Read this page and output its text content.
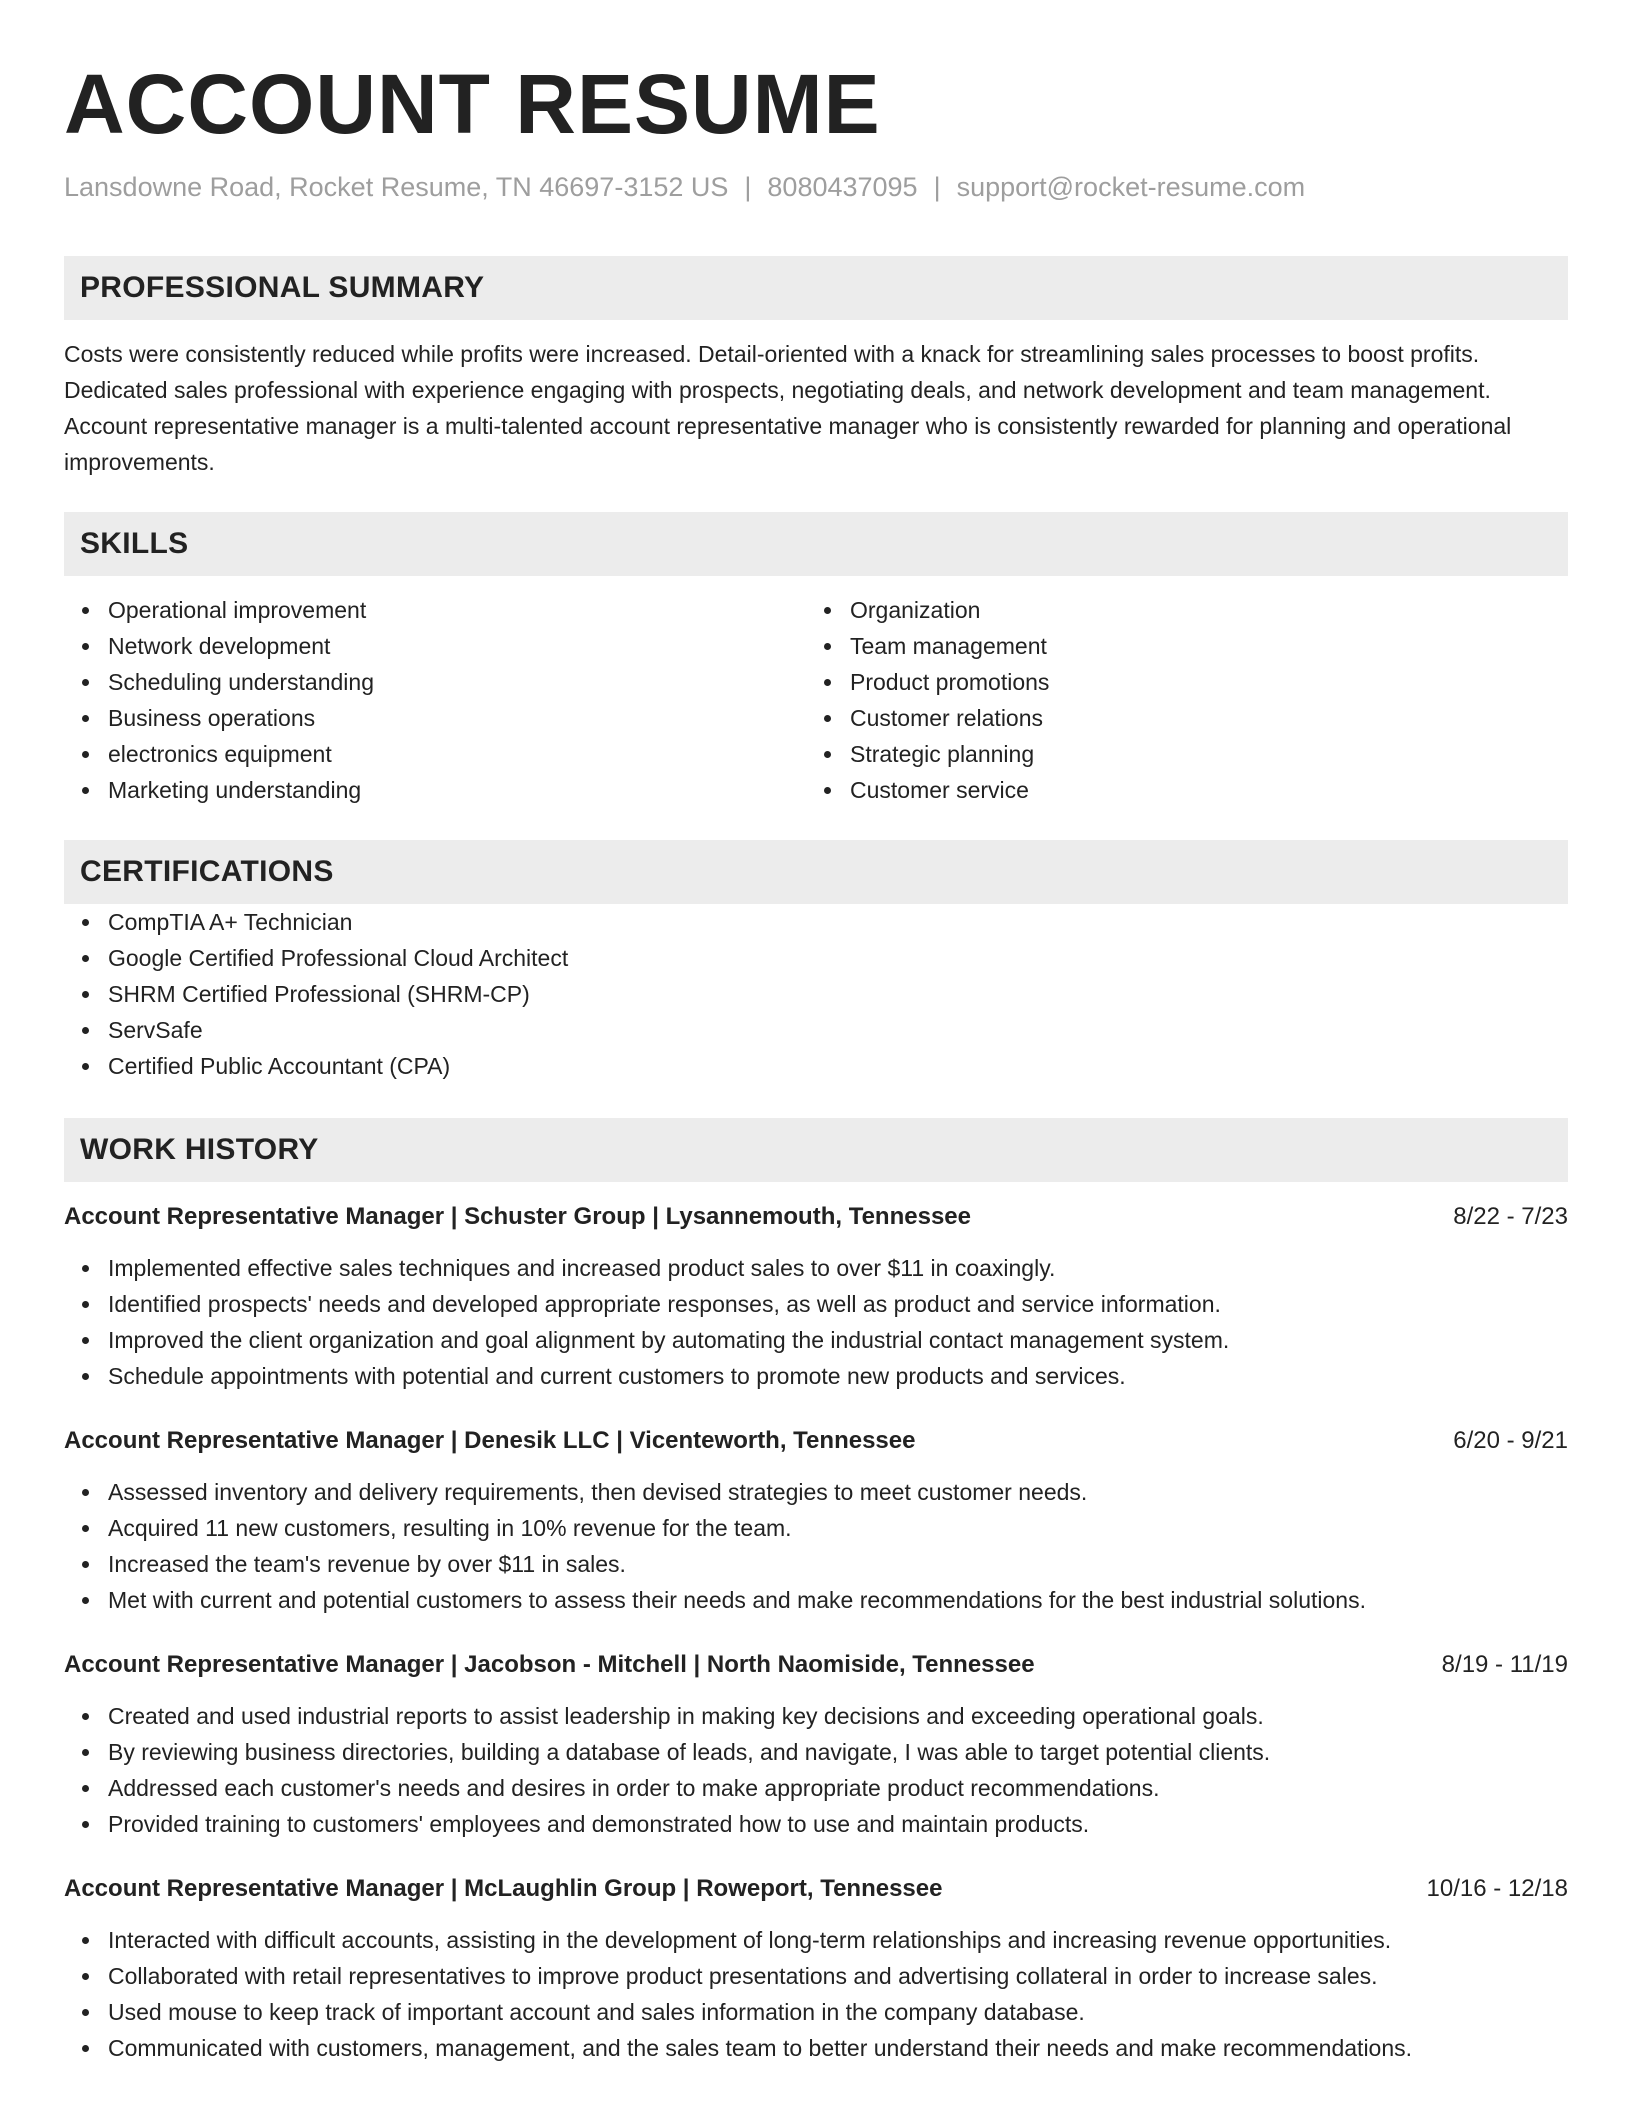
ACCOUNT RESUME
Lansdowne Road, Rocket Resume, TN 46697-3152 US | 8080437095 | support@rocket-resume.com
PROFESSIONAL SUMMARY
Costs were consistently reduced while profits were increased. Detail-oriented with a knack for streamlining sales processes to boost profits. Dedicated sales professional with experience engaging with prospects, negotiating deals, and network development and team management. Account representative manager is a multi-talented account representative manager who is consistently rewarded for planning and operational improvements.
SKILLS
Operational improvement
Network development
Scheduling understanding
Business operations
electronics equipment
Marketing understanding
Organization
Team management
Product promotions
Customer relations
Strategic planning
Customer service
CERTIFICATIONS
CompTIA A+ Technician
Google Certified Professional Cloud Architect
SHRM Certified Professional (SHRM-CP)
ServSafe
Certified Public Accountant (CPA)
WORK HISTORY
Account Representative Manager | Schuster Group | Lysannemouth, Tennessee	8/22 - 7/23
Implemented effective sales techniques and increased product sales to over $11 in coaxingly.
Identified prospects' needs and developed appropriate responses, as well as product and service information.
Improved the client organization and goal alignment by automating the industrial contact management system.
Schedule appointments with potential and current customers to promote new products and services.
Account Representative Manager | Denesik LLC | Vicenteworth, Tennessee	6/20 - 9/21
Assessed inventory and delivery requirements, then devised strategies to meet customer needs.
Acquired 11 new customers, resulting in 10% revenue for the team.
Increased the team's revenue by over $11 in sales.
Met with current and potential customers to assess their needs and make recommendations for the best industrial solutions.
Account Representative Manager | Jacobson - Mitchell | North Naomiside, Tennessee	8/19 - 11/19
Created and used industrial reports to assist leadership in making key decisions and exceeding operational goals.
By reviewing business directories, building a database of leads, and navigate, I was able to target potential clients.
Addressed each customer's needs and desires in order to make appropriate product recommendations.
Provided training to customers' employees and demonstrated how to use and maintain products.
Account Representative Manager | McLaughlin Group | Roweport, Tennessee	10/16 - 12/18
Interacted with difficult accounts, assisting in the development of long-term relationships and increasing revenue opportunities.
Collaborated with retail representatives to improve product presentations and advertising collateral in order to increase sales.
Used mouse to keep track of important account and sales information in the company database.
Communicated with customers, management, and the sales team to better understand their needs and make recommendations.
